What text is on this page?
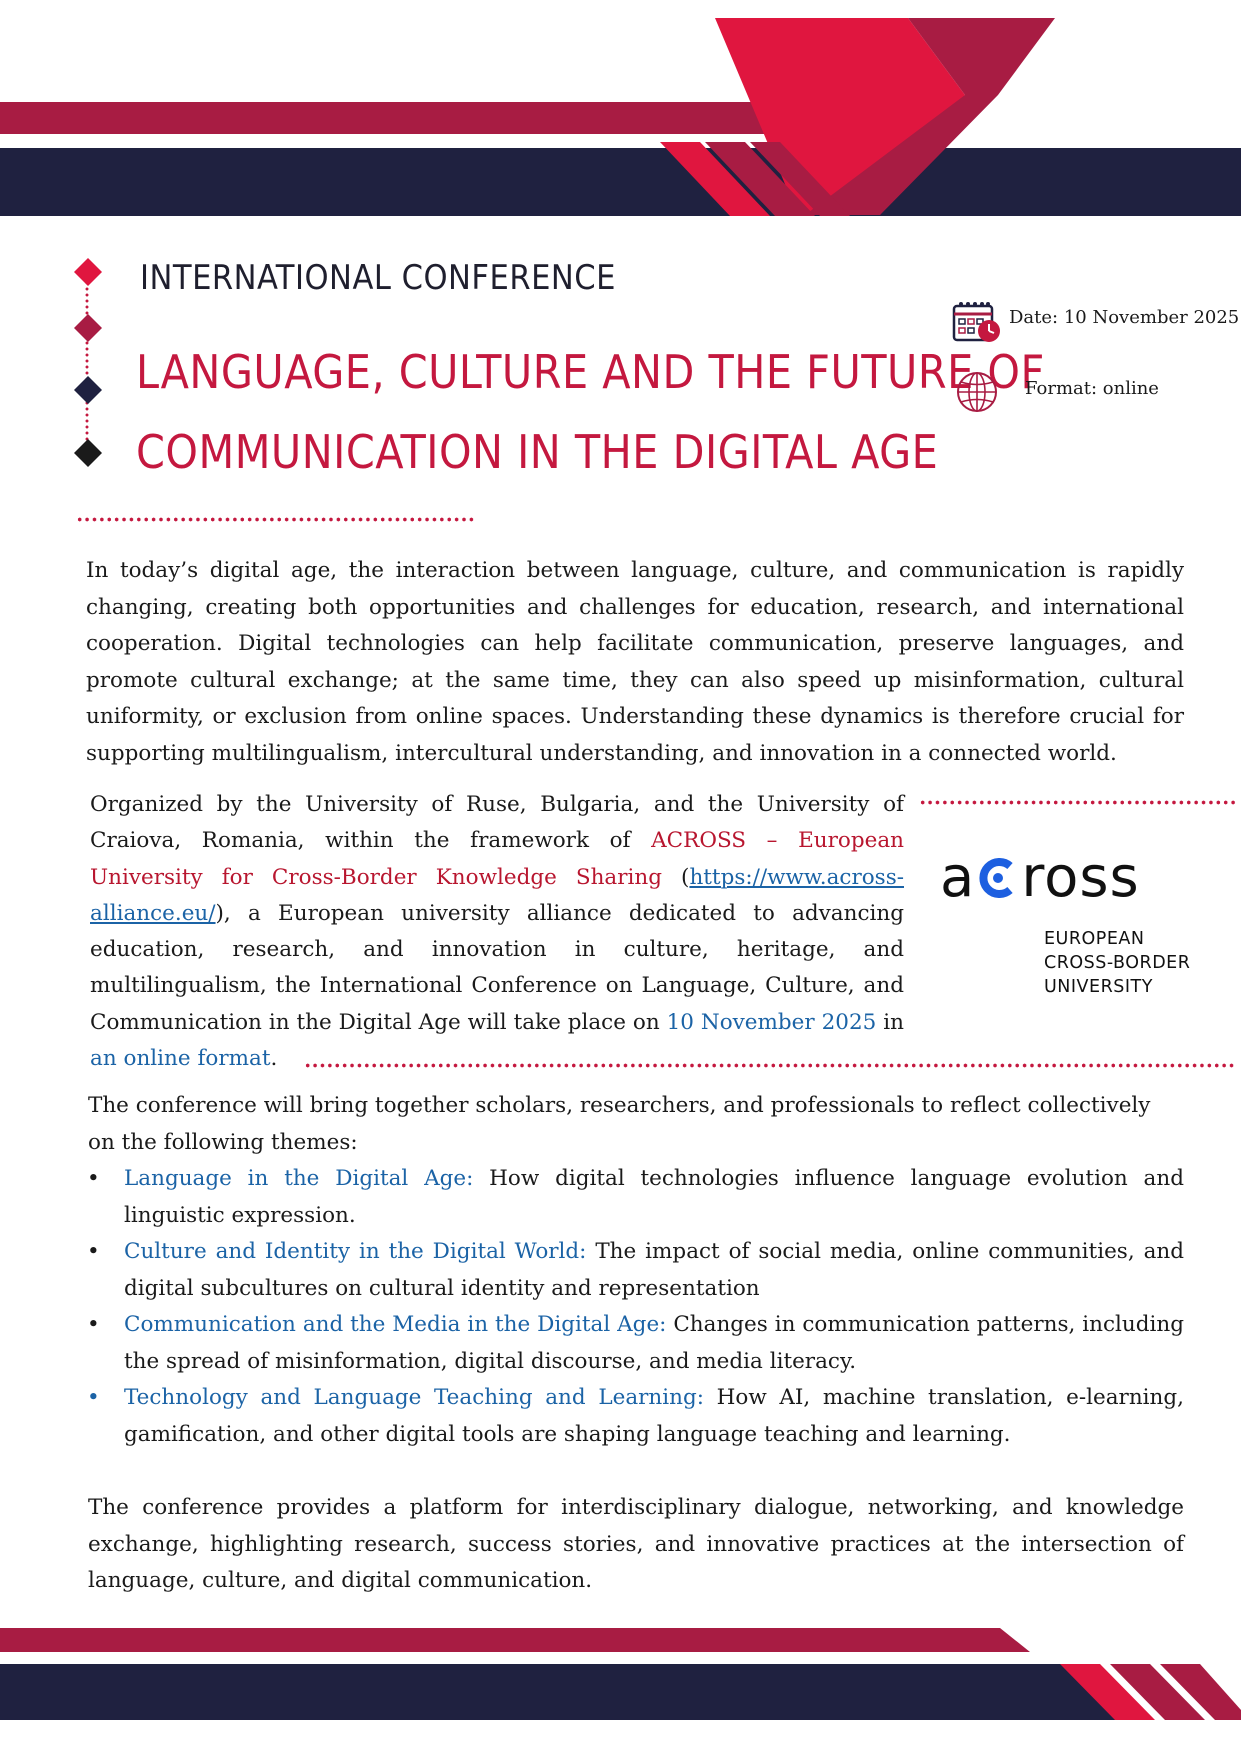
INTERNATIONAL CONFERENCE
LANGUAGE, CULTURE AND THE FUTURE OF
COMMUNICATION IN THE DIGITAL AGE
Date: 10 November 2025
Format: online

In today’s digital age, the interaction between language, culture, and communication is rapidly changing, creating both opportunities and challenges for education, research, and international cooperation. Digital technologies can help facilitate communication, preserve languages, and promote cultural exchange; at the same time, they can also speed up misinformation, cultural uniformity, or exclusion from online spaces. Understanding these dynamics is therefore crucial for supporting multilingualism, intercultural understanding, and innovation in a connected world.

Organized by the University of Ruse, Bulgaria, and the University of Craiova, Romania, within the framework of ACROSS – European University for Cross-Border Knowledge Sharing (https://www.across-alliance.eu/), a European university alliance dedicated to advancing education, research, and innovation in culture, heritage, and multilingualism, the International Conference on Language, Culture, and Communication in the Digital Age will take place on 10 November 2025 in an online format.

a ross
EUROPEAN
CROSS-BORDER
UNIVERSITY

The conference will bring together scholars, researchers, and professionals to reflect collectively on the following themes:

• Language in the Digital Age: How digital technologies influence language evolution and linguistic expression.
• Culture and Identity in the Digital World: The impact of social media, online communities, and digital subcultures on cultural identity and representation
• Communication and the Media in the Digital Age: Changes in communication patterns, including the spread of misinformation, digital discourse, and media literacy.
• Technology and Language Teaching and Learning: How AI, machine translation, e-learning, gamification, and other digital tools are shaping language teaching and learning.

The conference provides a platform for interdisciplinary dialogue, networking, and knowledge exchange, highlighting research, success stories, and innovative practices at the intersection of language, culture, and digital communication.
